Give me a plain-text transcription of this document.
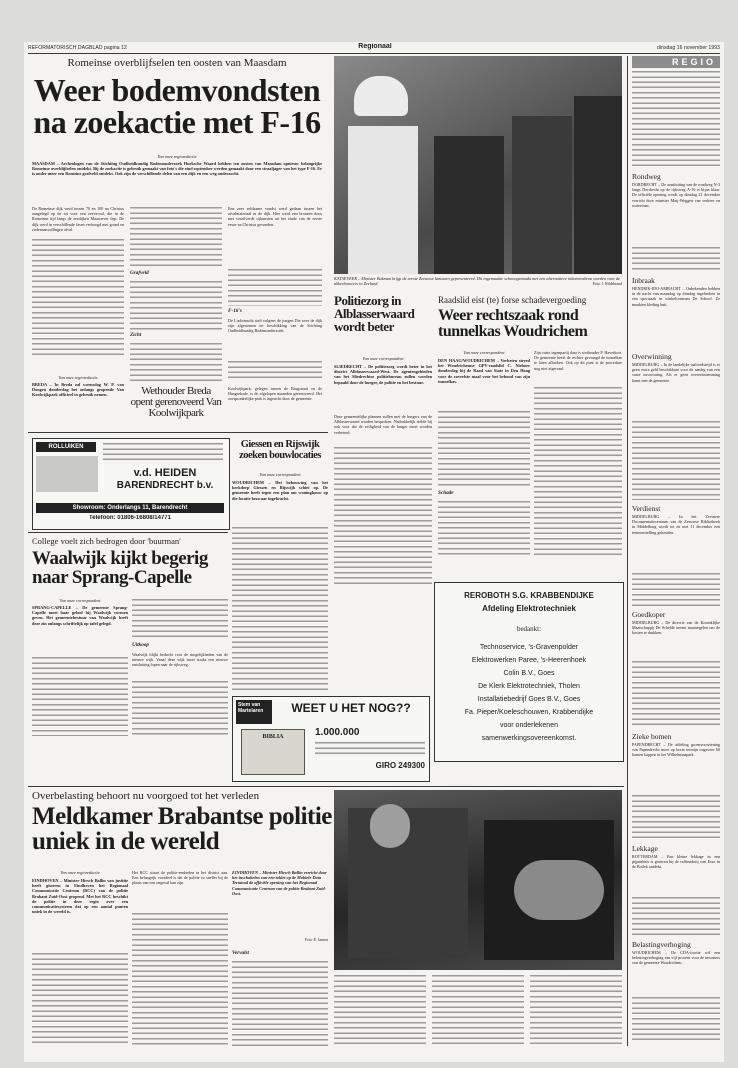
REFORMATORISCH DAGBLAD pagina 12	Regionaal	dinsdag 16 november 1993
Romeinse overblijfselen ten oosten van Maasdam
Weer bodemvondsten na zoekactie met F-16
Van onze regioredactie
MAASDAM – Archeologen van de Stichting Oudheidkundig Bodemonderzoek Hoeksche Waard hebben ten oosten van Maasdam opnieuw belangrijke Romeinse overblijfselen ontdekt. Bij de zoekactie is gebruik gemaakt van foto's die eind september werden gemaakt door een straaljager van het type F-16. Er is onder meer een Romeins grafveld ontdekt. Ook zijn de verschillende delen van een dijk en een weg onderzocht.
De Romeinse dijk werd tussen 70 en 100 na Christus aangelegd op de tot voor een zeeverval, die in de Romeinse tijd langs de zeedijken Maasoever liep. De dijk werd in verschillende fasen verhoogd met grond en zodenaanvullingen afval.
Grafveld
Zicht
Een zeer zeldzame vondst werd gedaan tussen het afvalmateriaal in de dijk. Hier werd een bronzen doos met verzilverde rijkunsten uit het einde van de eerste eeuw na Christus gevonden.
F-16's
De Luchtmacht stelt volgens de jongen Die over de dijk zijn afgenomen ter beschikking van de Stichting Oudheidkundig Bodemonderzoek.
Van onze regioredactie
BREDA – In Breda zal woensdag W. P. van Dongen donderdag het onlangs geopende Van Koolwijkpark officieel in gebruik nemen.	Wethouder Breda opent gerenoveerd Van Koolwijkpark
Koolwijkpark, gelegen tussen de Brugstraat en de Haagsekade, is de afgelopen maanden gerenoveerd. Het oorspronkelijke park is ingericht door de gemeente.
ROLLUIKEN
v.d. HEIDEN
BARENDRECHT b.v.
Showroom: Onderlangs 11, Barendrecht
Telefoon: 01806-16808/14771
Giessen en Rijswijk zoeken bouwlocaties
Van onze correspondent
WOUDRICHEM – Het bebouwing van het kerkdorp Giessen en Rijswijk schiet op. De gemeente heeft tegen een plan om woningbouw op die locatie bezwaar ingebracht.
College voelt zich bedrogen door 'buurman'
Waalwijk kijkt begerig naar Sprang-Capelle
Van onze correspondent
SPRANG-CAPELLE – De gemeente Sprang-Capelle moet haar geloof bij Waalwijk vormen geven. Het gemeentebestuur van Waalwijk heeft deze zin onlangs schriftelijk op tafel gelegd.
Uitkoop
Waalwijk blijkt bedacht voor de mogelijkheden van de nieuwe wijk. Vanaf deze wijk moet straks een nieuwe ontsluiting lopen naar de rijksweg.
KATSEVEER – Minister Bukman krijgt de eerste Zeeuwse lantaarn gepresenteerd. Dit ingemaakte schoongemaakt met een alternatieve inkomensbron worden voor de akkerbouwers in Zeeland.	Foto: J. Hildebrand
Politiezorg in Alblasserwaard wordt beter
Van onze correspondent
SLIEDRECHT – De politiezorg wordt beter in het district Alblasserwaard-West. De agentengebieden van het Sliedrechtse politiebureau zullen worden bepaald door de burger, de politie en het bestuur.
Deze gemeentelijke plannen zullen met de burgers van de Alblasserwaard worden besproken. Nadrukkelijk stelde hij ook voor dat de veiligheid van de burger moet worden verbeterd.
Raadslid eist (te) forse schadevergoeding
Weer rechtszaak rond tunnelkas Woudrichem
Van onze correspondent
DEN HAAG/WOUDRICHEM – Verbeten streed het Woudrichemse GPV-raadslid C. Nieboer donderdag bij de Raad van State in Den Haag voor de zoveelste maal voor het behoud van zijn tunnelkas.
Schade
Zijn vaste tegenpartij daar is wethouder P. Haverkort. De gemeente heeft de rechter gevraagd de tunnelkas te laten afbreken. Ook op dit punt is de procedure nog niet afgerond.
Stem van Martelaren	WEET U HET NOG??
BIBLIA	1.000.000
GIRO 249300
REROBOTH S.G. KRABBENDIJKE
Afdeling Elektrotechniek
bedankt:
Technoservice, 's-Gravenpolder
Elektrowerken Paree, 's-Heerenhoek
Colin B.V., Goes
De Klerk Elektrotechniek, Tholen
Installatiebedrijf Goes B.V., Goes
Fa. Pieper/Koeleschouwen, Krabbendijke
voor onderlekenen
samenwerkingsovereenkomst.
REGIO
Rondweg
DORDRECHT – De aansluiting van de rondweg N-3 langs Dordrecht op de rijksweg A-16 is bijna klaar. De officiële opening wordt op dinsdag 21 december verricht door minister Maij-Weggen van verkeer en waterstaat.
Inbraak
HENDRIK-IDO-AMBACHT – Onbekenden hebben in de nacht van maandag op dinsdag ingebroken in een sportzaak in winkelcentrum De Schoof. Ze maakten kleding buit.
Overwinning
MIDDELBURG – In de landelijke taalwedstrijd is er geen extra geld beschikbaar voor de aanleg van een vaste ouverturing. Als er geen overeenstemming komt met de gemeente.
Verdienst
MIDDELBURG – In het Zeeuwse Documentatiecentrum van de Zeeuwse Bibliotheek in Middelburg wordt tot en met 11 december een tentoonstelling gehouden.
Goedkoper
MIDDELBURG – De directie van de Koninklijke Maatschappij De Schelde neemt maatregelen om de kosten te drukken.
Zieke bomen
PAPENDRECHT – De afdeling groenvoorziening van Papendrecht moet op korte termijn ongeveer 60 bomen kappen in het Wilhelminapark.
Lekkage
ROTTERDAM – Een kleine lekkage in een pijpenbuis is gisteren bij de raffinaderij van Esso in de Botlek ontdekt.
Belastingverhoging
WOUDRICHEM – De CDA-fractie wil een belastingverhoging van vijf procent voor de inwoners van de gemeente Woudrichem.
Overbelasting behoort nu voorgoed tot het verleden
Meldkamer Brabantse politie uniek in de wereld
Van onze regioredactie
EINDHOVEN – Minister Hirsch Ballin van justitie heeft gisteren in Eindhoven het Regionaal Communicatie Centrum (RCC) van de politie Brabant Zuid-Oost geopend. Met het RCC beschikt de politie in deze regio over een communicatiesysteem dat op een aantal punten uniek in de wereld is.
Het RCC stuurt de politie-eenheden in het district aan. Een belangrijk voordeel is dat de politie zo sneller bij de plaats van een ongeval kan zijn.
EINDHOVEN – Minister Hirsch Ballin verricht door het inschakelen van een toklet op de Mobiele Data Terminal de officiële opening van het Regionaal Communicatie Centrum van de politie Brabant Zuid-Oost.
Foto: E. Jansen
Vervalst
